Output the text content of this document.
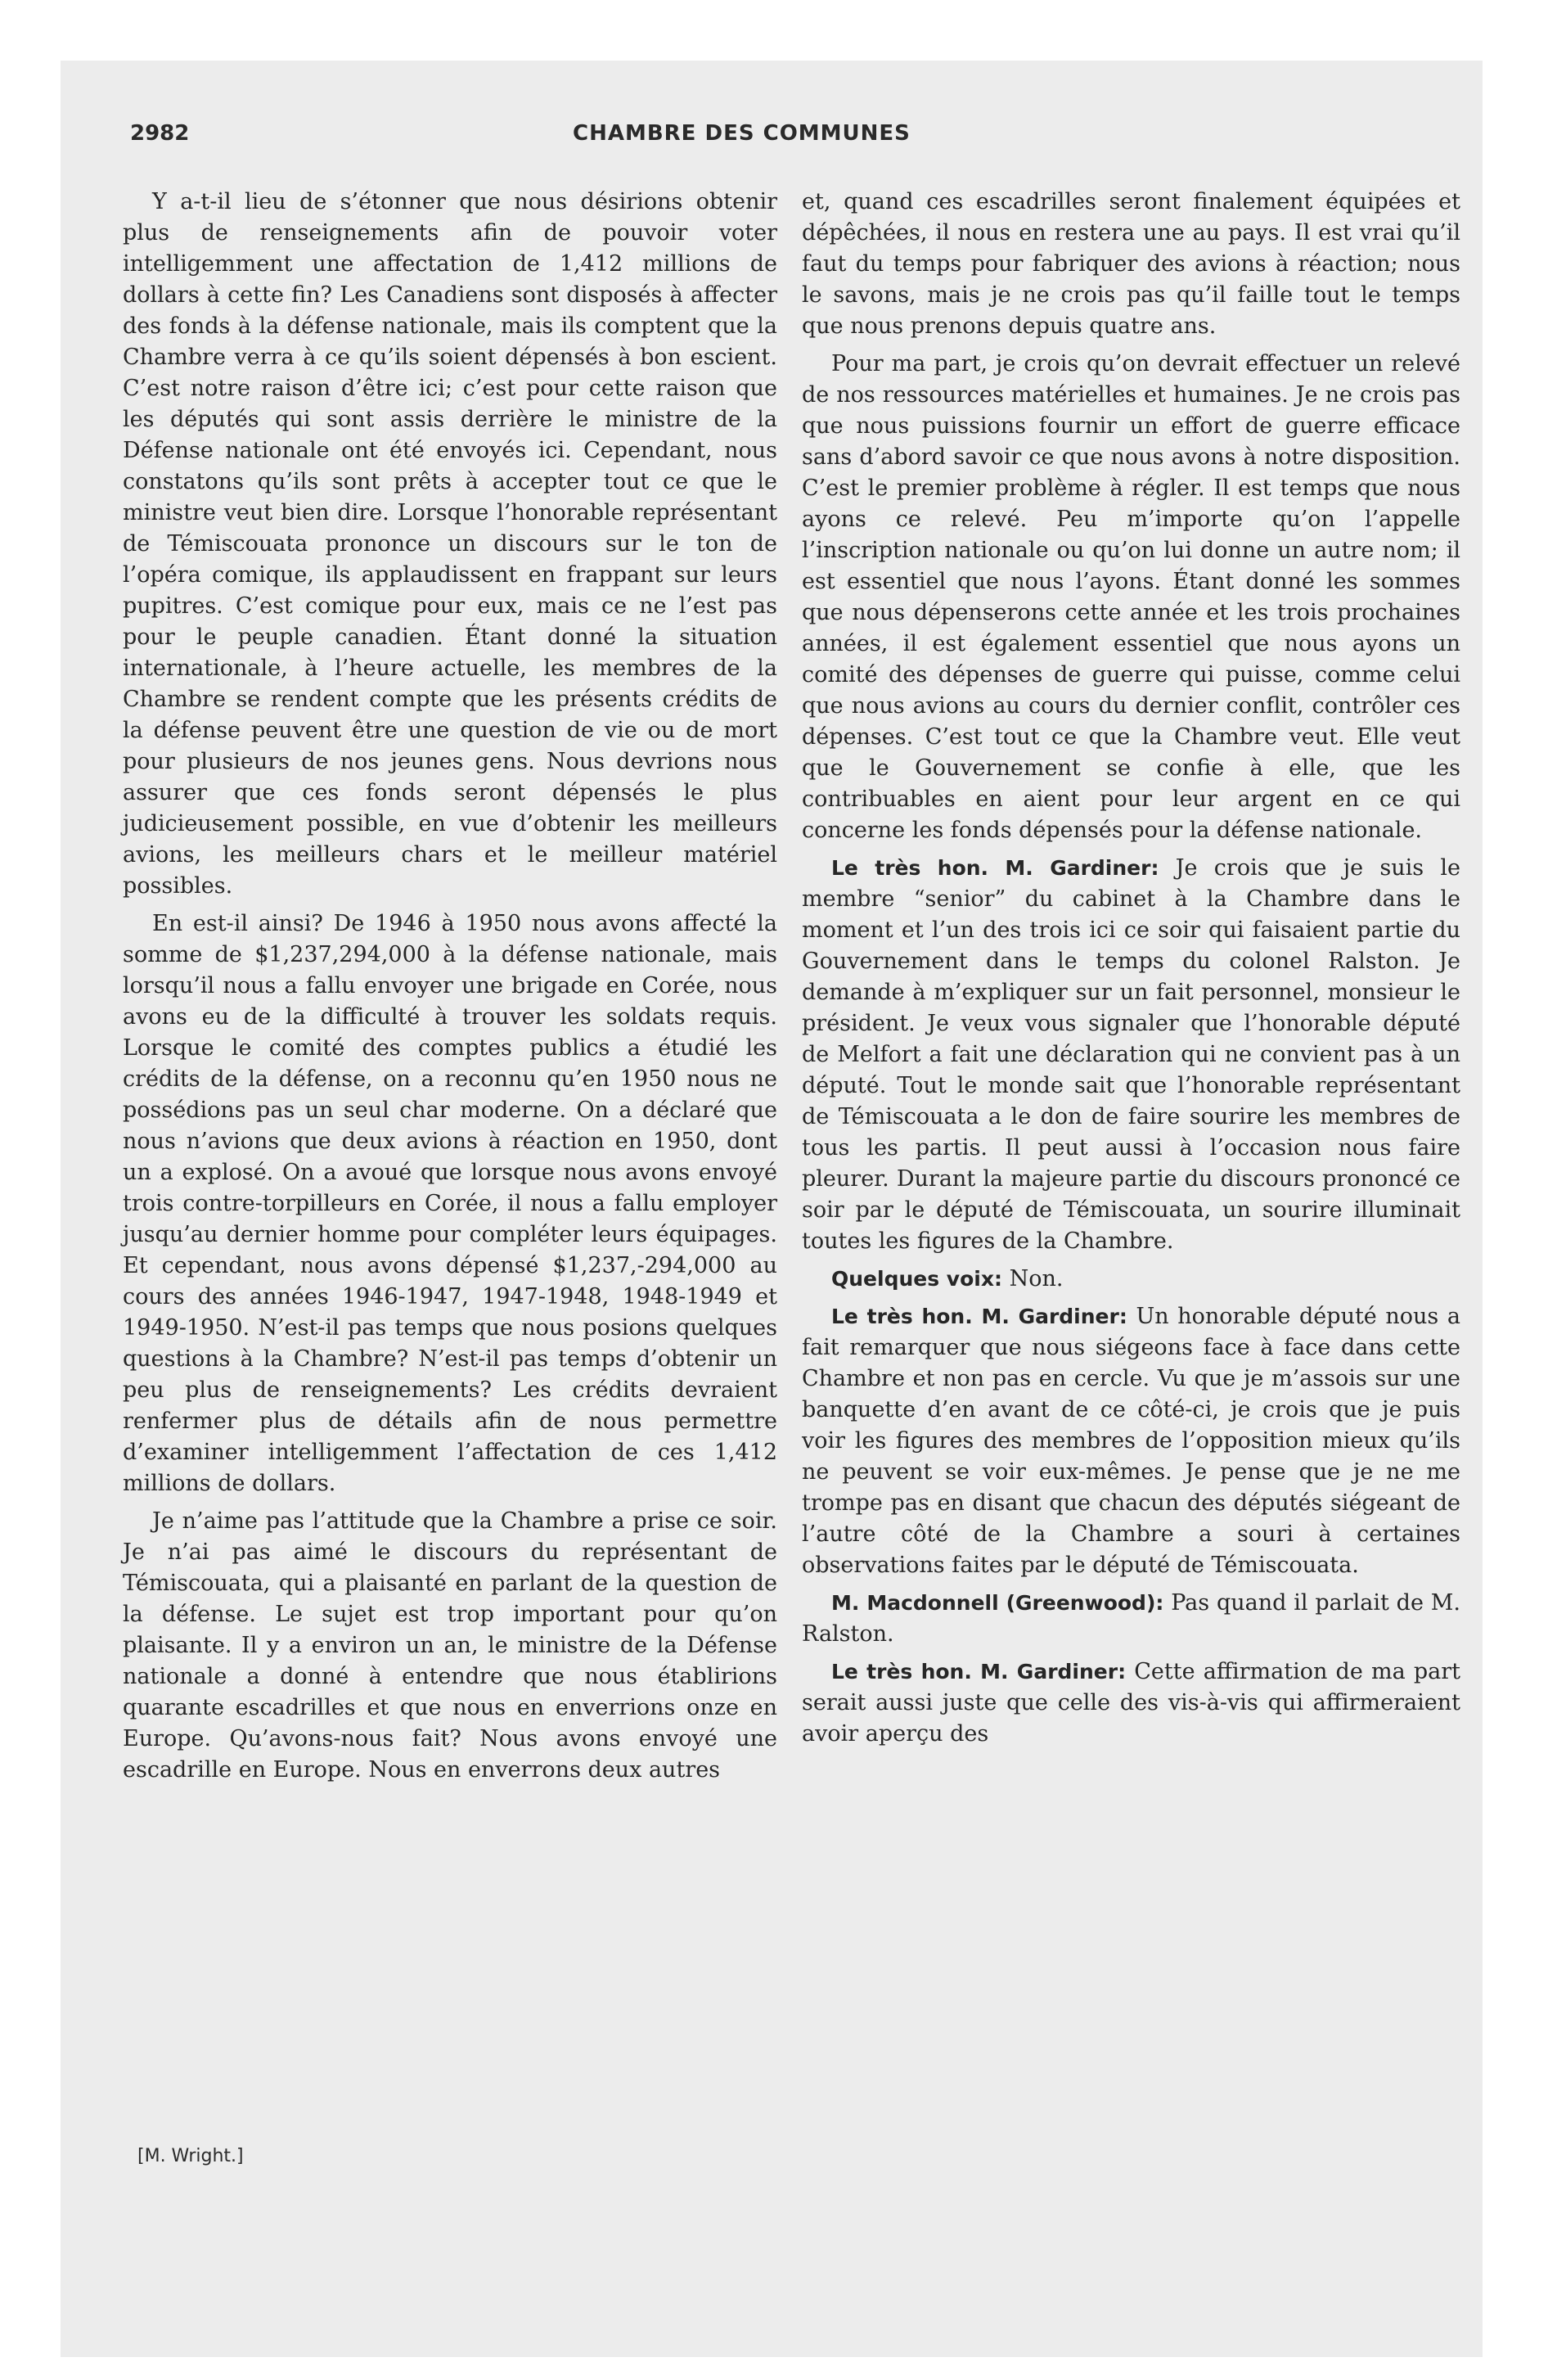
2982	CHAMBRE DES COMMUNES

Y a-t-il lieu de s’étonner que nous désirions obtenir plus de renseignements afin de pouvoir voter intelligemment une affectation de 1,412 millions de dollars à cette fin? Les Canadiens sont disposés à affecter des fonds à la défense nationale, mais ils comptent que la Chambre verra à ce qu’ils soient dépensés à bon escient. C’est notre raison d’être ici; c’est pour cette raison que les députés qui sont assis derrière le ministre de la Défense nationale ont été envoyés ici. Cependant, nous constatons qu’ils sont prêts à accepter tout ce que le ministre veut bien dire. Lorsque l’honorable représentant de Témiscouata prononce un discours sur le ton de l’opéra comique, ils applaudissent en frappant sur leurs pupitres. C’est comique pour eux, mais ce ne l’est pas pour le peuple canadien. Étant donné la situation internationale, à l’heure actuelle, les membres de la Chambre se rendent compte que les présents crédits de la défense peuvent être une question de vie ou de mort pour plusieurs de nos jeunes gens. Nous devrions nous assurer que ces fonds seront dépensés le plus judicieusement possible, en vue d’obtenir les meilleurs avions, les meilleurs chars et le meilleur matériel possibles.

En est-il ainsi? De 1946 à 1950 nous avons affecté la somme de $1,237,294,000 à la défense nationale, mais lorsqu’il nous a fallu envoyer une brigade en Corée, nous avons eu de la difficulté à trouver les soldats requis. Lorsque le comité des comptes publics a étudié les crédits de la défense, on a reconnu qu’en 1950 nous ne possédions pas un seul char moderne. On a déclaré que nous n’avions que deux avions à réaction en 1950, dont un a explosé. On a avoué que lorsque nous avons envoyé trois contre-torpilleurs en Corée, il nous a fallu employer jusqu’au dernier homme pour compléter leurs équipages. Et cependant, nous avons dépensé $1,237,-294,000 au cours des années 1946-1947, 1947-1948, 1948-1949 et 1949-1950. N’est-il pas temps que nous posions quelques questions à la Chambre? N’est-il pas temps d’obtenir un peu plus de renseignements? Les crédits devraient renfermer plus de détails afin de nous permettre d’examiner intelligemment l’affectation de ces 1,412 millions de dollars.

Je n’aime pas l’attitude que la Chambre a prise ce soir. Je n’ai pas aimé le discours du représentant de Témiscouata, qui a plaisanté en parlant de la question de la défense. Le sujet est trop important pour qu’on plaisante. Il y a environ un an, le ministre de la Défense nationale a donné à entendre que nous établirions quarante escadrilles et que nous en enverrions onze en Europe. Qu’avons-nous fait? Nous avons envoyé une escadrille en Europe. Nous en enverrons deux autres

et, quand ces escadrilles seront finalement équipées et dépêchées, il nous en restera une au pays. Il est vrai qu’il faut du temps pour fabriquer des avions à réaction; nous le savons, mais je ne crois pas qu’il faille tout le temps que nous prenons depuis quatre ans.

Pour ma part, je crois qu’on devrait effectuer un relevé de nos ressources matérielles et humaines. Je ne crois pas que nous puissions fournir un effort de guerre efficace sans d’abord savoir ce que nous avons à notre disposition. C’est le premier problème à régler. Il est temps que nous ayons ce relevé. Peu m’importe qu’on l’appelle l’inscription nationale ou qu’on lui donne un autre nom; il est essentiel que nous l’ayons. Étant donné les sommes que nous dépenserons cette année et les trois prochaines années, il est également essentiel que nous ayons un comité des dépenses de guerre qui puisse, comme celui que nous avions au cours du dernier conflit, contrôler ces dépenses. C’est tout ce que la Chambre veut. Elle veut que le Gouvernement se confie à elle, que les contribuables en aient pour leur argent en ce qui concerne les fonds dépensés pour la défense nationale.

Le très hon. M. Gardiner: Je crois que je suis le membre “senior” du cabinet à la Chambre dans le moment et l’un des trois ici ce soir qui faisaient partie du Gouvernement dans le temps du colonel Ralston. Je demande à m’expliquer sur un fait personnel, monsieur le président. Je veux vous signaler que l’honorable député de Melfort a fait une déclaration qui ne convient pas à un député. Tout le monde sait que l’honorable représentant de Témiscouata a le don de faire sourire les membres de tous les partis. Il peut aussi à l’occasion nous faire pleurer. Durant la majeure partie du discours prononcé ce soir par le député de Témiscouata, un sourire illuminait toutes les figures de la Chambre.

Quelques voix: Non.

Le très hon. M. Gardiner: Un honorable député nous a fait remarquer que nous siégeons face à face dans cette Chambre et non pas en cercle. Vu que je m’assois sur une banquette d’en avant de ce côté-ci, je crois que je puis voir les figures des membres de l’opposition mieux qu’ils ne peuvent se voir eux-mêmes. Je pense que je ne me trompe pas en disant que chacun des députés siégeant de l’autre côté de la Chambre a souri à certaines observations faites par le député de Témiscouata.

M. Macdonnell (Greenwood): Pas quand il parlait de M. Ralston.

Le très hon. M. Gardiner: Cette affirmation de ma part serait aussi juste que celle des vis-à-vis qui affirmeraient avoir aperçu des

[M. Wright.]
